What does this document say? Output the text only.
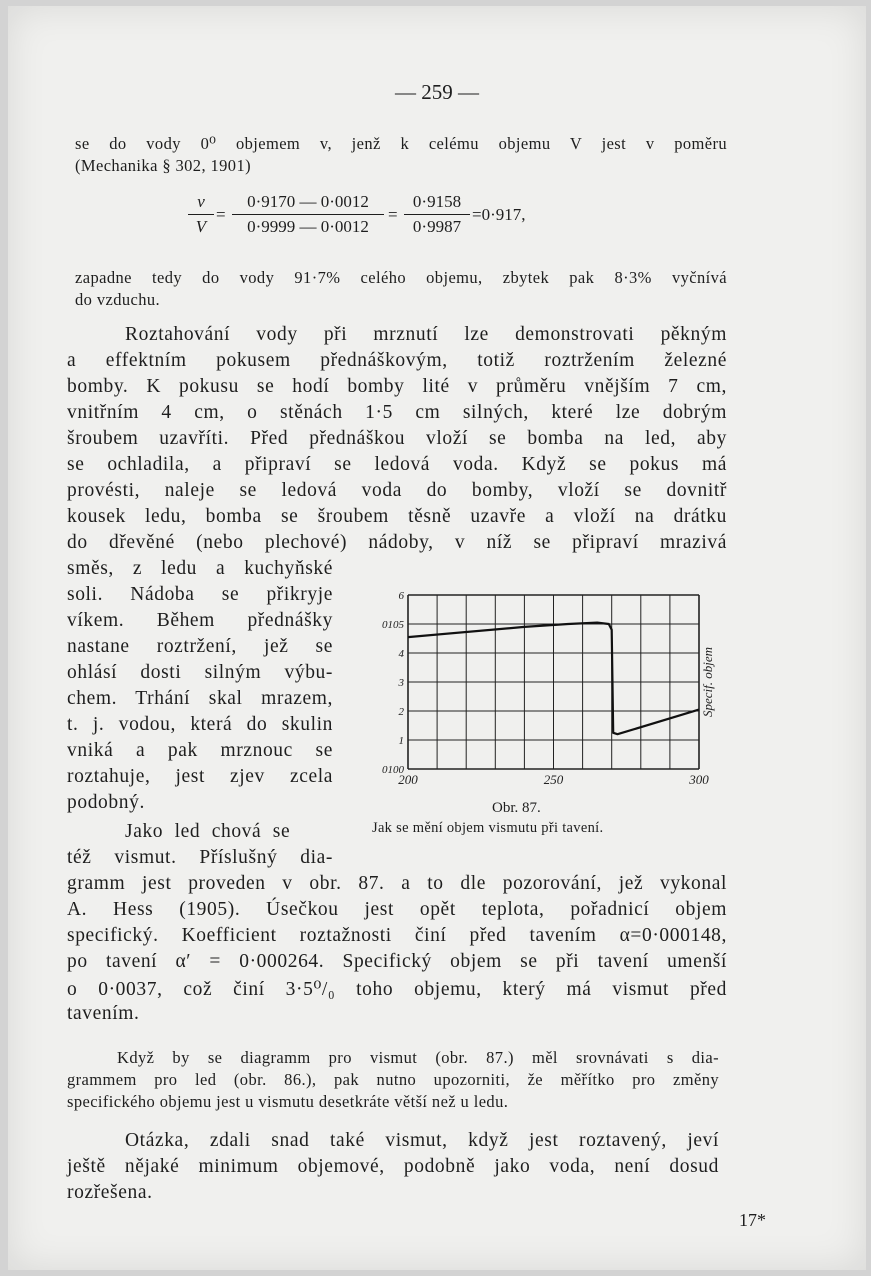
— 259 —
se do vody 0⁰ objemem v, jenž k celému objemu V jest v poměru
(Mechanika § 302, 1901)
v
V
=
0·9170 — 0·0012
0·9999 — 0·0012
=
0·9158
0·9987
=0·917,
zapadne tedy do vody 91·7% celého objemu, zbytek pak 8·3% vyčnívá
do vzduchu.
Roztahování vody při mrznutí lze demonstrovati pěkným
a effektním pokusem přednáškovým, totiž roztržením železné
bomby. K pokusu se hodí bomby lité v průměru vnějším 7 cm,
vnitřním 4 cm, o stěnách 1·5 cm silných, které lze dobrým
šroubem uzavříti. Před přednáškou vloží se bomba na led, aby
se ochladila, a připraví se ledová voda. Když se pokus má
provésti, naleje se ledová voda do bomby, vloží se dovnitř
kousek ledu, bomba se šroubem těsně uzavře a vloží na drátku
do dřevěné (nebo plechové) nádoby, v níž se připraví mrazivá
směs, z ledu a kuchyňské
soli. Nádoba se přikryje
víkem. Během přednášky
nastane roztržení, jež se
ohlásí dosti silným výbu-
chem. Trhání skal mrazem,
t. j. vodou, která do skulin
vniká a pak mrznouc se
roztahuje, jest zjev zcela
podobný.
Jako led chová se
též vismut. Příslušný dia-
0100
1
2
3
4
0105
6
200	250	300
Specif. objem
Obr. 87.
Jak se mění objem vismutu při tavení.
gramm jest proveden v obr. 87. a to dle pozorování, jež vykonal
A. Hess (1905). Úsečkou jest opět teplota, pořadnicí objem
specifický. Koefficient roztažnosti činí před tavením α=0·000148,
po tavení α′ = 0·000264. Specifický objem se při tavení umenší
o 0·0037, což činí 3·5⁰/₀ toho objemu, který má vismut před
tavením.
Když by se diagramm pro vismut (obr. 87.) měl srovnávati s dia-
grammem pro led (obr. 86.), pak nutno upozorniti, že měřítko pro změny
specifického objemu jest u vismutu desetkráte větší než u ledu.
Otázka, zdali snad také vismut, když jest roztavený, jeví
ještě nějaké minimum objemové, podobně jako voda, není dosud
rozřešena.
17*
